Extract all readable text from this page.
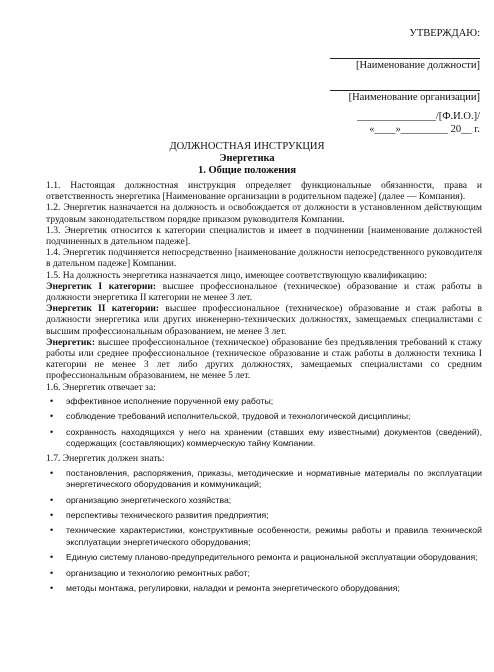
УТВЕРЖДАЮ:
[Наименование должности]
[Наименование организации]
_______________/[Ф.И.О.]/
«____»_________ 20__ г.
ДОЛЖНОСТНАЯ ИНСТРУКЦИЯ
Энергетика
1. Общие положения

1.1. Настоящая должностная инструкция определяет функциональные обязанности, права и ответственность энергетика [Наименование организации в родительном падеже] (далее — Компания).

1.2. Энергетик назначается на должность и освобождается от должности в установленном действующим трудовым законодательством порядке приказом руководителя Компании.

1.3. Энергетик относится к категории специалистов и имеет в подчинении [наименование должностей подчиненных в дательном падеже].

1.4. Энергетик подчиняется непосредственно [наименование должности непосредственного руководителя в дательном падеже] Компании.

1.5. На должность энергетика назначается лицо, имеющее соответствующую квалификацию:

Энергетик I категории: высшее профессиональное (техническое) образование и стаж работы в должности энергетика II категории не менее 3 лет.

Энергетик II категории: высшее профессиональное (техническое) образование и стаж работы в должности энергетика или других инженерно-технических должностях, замещаемых специалистами с высшим профессиональным образованием, не менее 3 лет.

Энергетик: высшее профессиональное (техническое) образование без предъявления требований к стажу работы или среднее профессиональное (техническое образование и стаж работы в должности техника I категории не менее 3 лет либо других должностях, замещаемых специалистами со средним профессиональным образованием, не менее 5 лет.

1.6. Энергетик отвечает за:

• эффективное исполнение порученной ему работы;
• соблюдение требований исполнительской, трудовой и технологической дисциплины;
• сохранность находящихся у него на хранении (ставших ему известными) документов (сведений), содержащих (составляющих) коммерческую тайну Компании.

1.7. Энергетик должен знать:

• постановления, распоряжения, приказы, методические и нормативные материалы по эксплуатации энергетического оборудования и коммуникаций;
• организацию энергетического хозяйства;
• перспективы технического развития предприятия;
• технические характеристики, конструктивные особенности, режимы работы и правила технической эксплуатации энергетического оборудования;
• Единую систему планово-предупредительного ремонта и рациональной эксплуатации оборудования;
• организацию и технологию ремонтных работ;
• методы монтажа, регулировки, наладки и ремонта энергетического оборудования;
